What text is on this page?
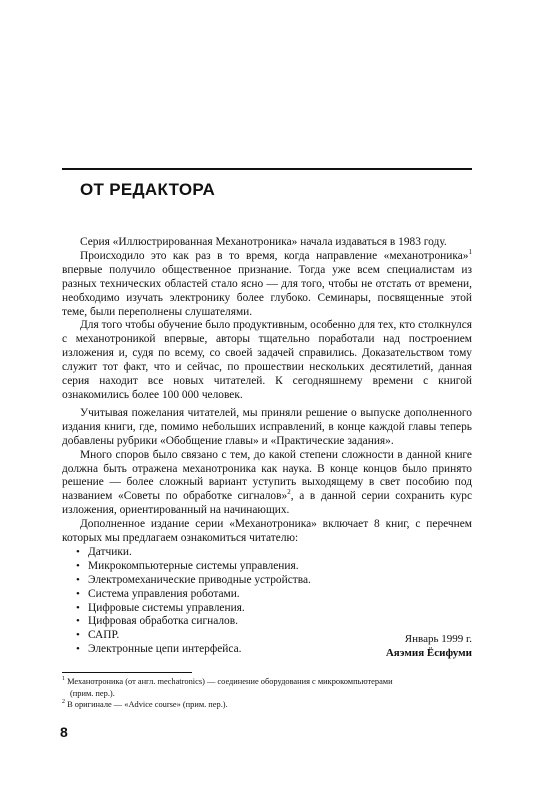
ОТ РЕДАКТОРА

Серия «Иллюстрированная Механотроника» начала издаваться в 1983 году.

Происходило это как раз в то время, когда направление «механотроника»$^1$ впервые получило общественное признание. Тогда уже всем специалистам из разных технических областей стало ясно — для того, чтобы не отстать от времени, необходимо изучать электронику более глубоко. Семинары, посвященные этой теме, были переполнены слушателями.

Для того чтобы обучение было продуктивным, особенно для тех, кто столкнулся с механотроникой впервые, авторы тщательно поработали над построением изложения и, судя по всему, со своей задачей справились. Доказательством тому служит тот факт, что и сейчас, по прошествии нескольких десятилетий, данная серия находит все новых читателей. К сегодняшнему времени с книгой ознакомились более 100 000 человек.

Учитывая пожелания читателей, мы приняли решение о выпуске дополненного издания книги, где, помимо небольших исправлений, в конце каждой главы теперь добавлены рубрики «Обобщение главы» и «Практические задания».

Много споров было связано с тем, до какой степени сложности в данной книге должна быть отражена механотроника как наука. В конце концов было принято решение — более сложный вариант уступить выходящему в свет пособию под названием «Советы по обработке сигналов»$^2$, а в данной серии сохранить курс изложения, ориентированный на начинающих.

Дополненное издание серии «Механотроника» включает 8 книг, с перечнем которых мы предлагаем ознакомиться читателю:

• Датчики.
• Микрокомпьютерные системы управления.
• Электромеханические приводные устройства.
• Система управления роботами.
• Цифровые системы управления.
• Цифровая обработка сигналов.
• САПР.
• Электронные цепи интерфейса.
Январь 1999 г.
Аяэмия Ёсифуми
$^1$ Механотроника (от англ. mechatronics) — соединение оборудования с микрокомпьютерами
(прим. пер.).
$^2$ В оригинале — «Advice course» (прим. пер.).
8
